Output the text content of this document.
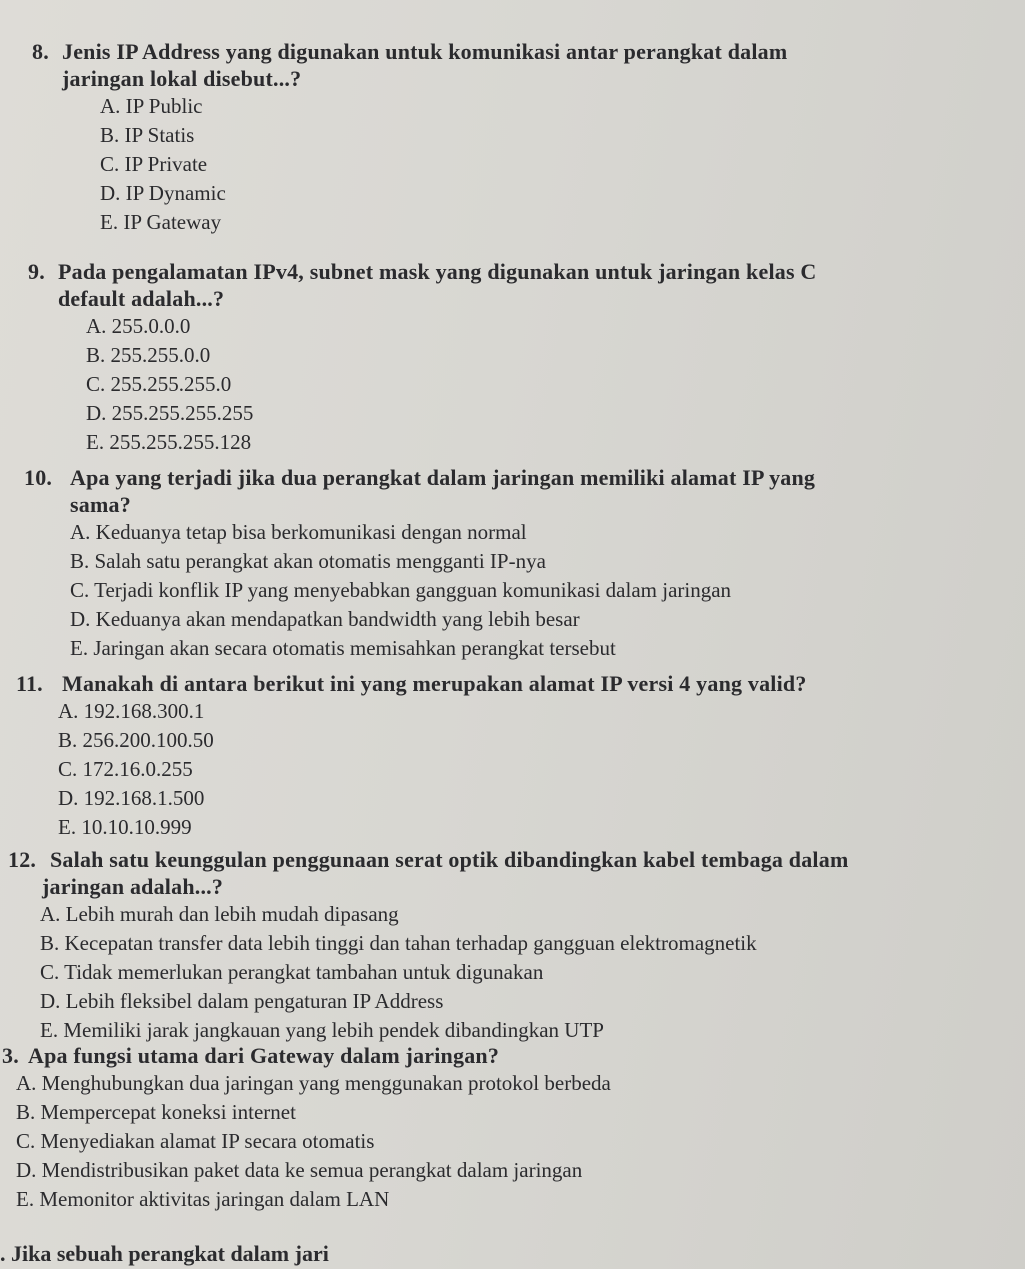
8. Jenis IP Address yang digunakan untuk komunikasi antar perangkat dalam
jaringan lokal disebut...?
A. IP Public
B. IP Statis
C. IP Private
D. IP Dynamic
E. IP Gateway
9. Pada pengalamatan IPv4, subnet mask yang digunakan untuk jaringan kelas C
default adalah...?
A. 255.0.0.0
B. 255.255.0.0
C. 255.255.255.0
D. 255.255.255.255
E. 255.255.255.128
10. Apa yang terjadi jika dua perangkat dalam jaringan memiliki alamat IP yang
sama?
A. Keduanya tetap bisa berkomunikasi dengan normal
B. Salah satu perangkat akan otomatis mengganti IP-nya
C. Terjadi konflik IP yang menyebabkan gangguan komunikasi dalam jaringan
D. Keduanya akan mendapatkan bandwidth yang lebih besar
E. Jaringan akan secara otomatis memisahkan perangkat tersebut
11. Manakah di antara berikut ini yang merupakan alamat IP versi 4 yang valid?
A. 192.168.300.1
B. 256.200.100.50
C. 172.16.0.255
D. 192.168.1.500
E. 10.10.10.999
12. Salah satu keunggulan penggunaan serat optik dibandingkan kabel tembaga dalam
jaringan adalah...?
A. Lebih murah dan lebih mudah dipasang
B. Kecepatan transfer data lebih tinggi dan tahan terhadap gangguan elektromagnetik
C. Tidak memerlukan perangkat tambahan untuk digunakan
D. Lebih fleksibel dalam pengaturan IP Address
E. Memiliki jarak jangkauan yang lebih pendek dibandingkan UTP
3. Apa fungsi utama dari Gateway dalam jaringan?
A. Menghubungkan dua jaringan yang menggunakan protokol berbeda
B. Mempercepat koneksi internet
C. Menyediakan alamat IP secara otomatis
D. Mendistribusikan paket data ke semua perangkat dalam jaringan
E. Memonitor aktivitas jaringan dalam LAN
. Jika sebuah perangkat dalam jari
